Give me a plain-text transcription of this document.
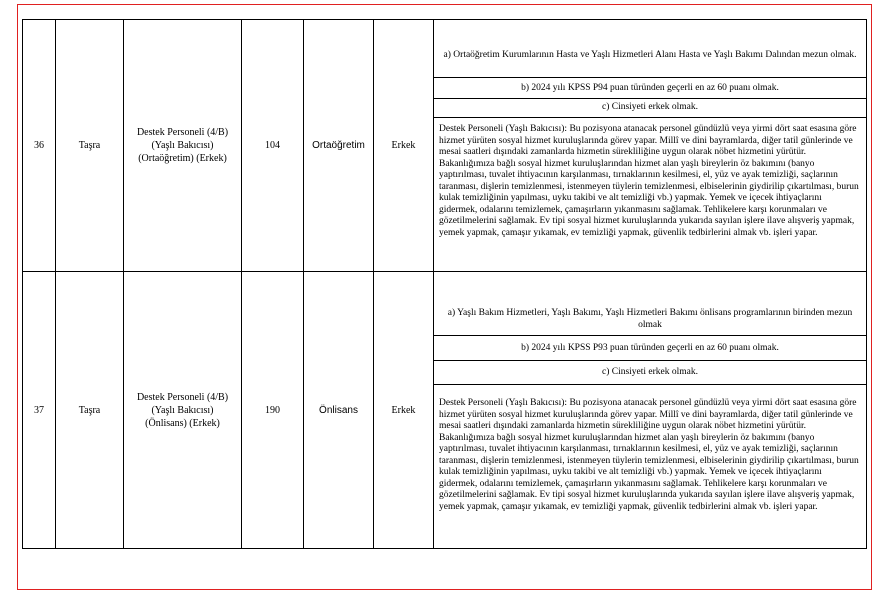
36	Taşra	Destek Personeli (4/B) (Yaşlı Bakıcısı) (Ortaöğretim) (Erkek)	104	Ortaöğretim	Erkek	a) Ortaöğretim Kurumlarının Hasta ve Yaşlı Hizmetleri Alanı Hasta ve Yaşlı Bakımı Dalından mezun olmak.
b) 2024 yılı KPSS P94 puan türünden geçerli en az 60 puanı olmak.
c) Cinsiyeti erkek olmak.
Destek Personeli (Yaşlı Bakıcısı): Bu pozisyona atanacak personel gündüzlü veya yirmi dört saat esasına göre hizmet yürüten sosyal hizmet kuruluşlarında görev yapar. Millî ve dini bayramlarda, diğer tatil günlerinde ve mesai saatleri dışındaki zamanlarda hizmetin sürekliliğine uygun olarak nöbet hizmetini yürütür. Bakanlığımıza bağlı sosyal hizmet kuruluşlarından hizmet alan yaşlı bireylerin öz bakımını (banyo yaptırılması, tuvalet ihtiyacının karşılanması, tırnaklarının kesilmesi, el, yüz ve ayak temizliği, saçlarının taranması, dişlerin temizlenmesi, istenmeyen tüylerin temizlenmesi, elbiselerinin giydirilip çıkartılması, burun kulak temizliğinin yapılması, uyku takibi ve alt temizliği vb.) yapmak. Yemek ve içecek ihtiyaçlarını gidermek, odalarını temizlemek, çamaşırların yıkanmasını sağlamak. Tehlikelere karşı korunmaları ve gözetilmelerini sağlamak. Ev tipi sosyal hizmet kuruluşlarında yukarıda sayılan işlere ilave alışveriş yapmak, yemek yapmak, çamaşır yıkamak, ev temizliği yapmak, güvenlik tedbirlerini almak vb. işleri yapar.

37	Taşra	Destek Personeli (4/B) (Yaşlı Bakıcısı) (Önlisans) (Erkek)	190	Önlisans	Erkek	a) Yaşlı Bakım Hizmetleri, Yaşlı Bakımı, Yaşlı Hizmetleri Bakımı önlisans programlarının birinden mezun olmak
b) 2024 yılı KPSS P93 puan türünden geçerli en az 60 puanı olmak.
c) Cinsiyeti erkek olmak.
Destek Personeli (Yaşlı Bakıcısı): Bu pozisyona atanacak personel gündüzlü veya yirmi dört saat esasına göre hizmet yürüten sosyal hizmet kuruluşlarında görev yapar. Millî ve dini bayramlarda, diğer tatil günlerinde ve mesai saatleri dışındaki zamanlarda hizmetin sürekliliğine uygun olarak nöbet hizmetini yürütür. Bakanlığımıza bağlı sosyal hizmet kuruluşlarından hizmet alan yaşlı bireylerin öz bakımını (banyo yaptırılması, tuvalet ihtiyacının karşılanması, tırnaklarının kesilmesi, el, yüz ve ayak temizliği, saçlarının taranması, dişlerin temizlenmesi, istenmeyen tüylerin temizlenmesi, elbiselerinin giydirilip çıkartılması, burun kulak temizliğinin yapılması, uyku takibi ve alt temizliği vb.) yapmak. Yemek ve içecek ihtiyaçlarını gidermek, odalarını temizlemek, çamaşırların yıkanmasını sağlamak. Tehlikelere karşı korunmaları ve gözetilmelerini sağlamak. Ev tipi sosyal hizmet kuruluşlarında yukarıda sayılan işlere ilave alışveriş yapmak, yemek yapmak, çamaşır yıkamak, ev temizliği yapmak, güvenlik tedbirlerini almak vb. işleri yapar.
